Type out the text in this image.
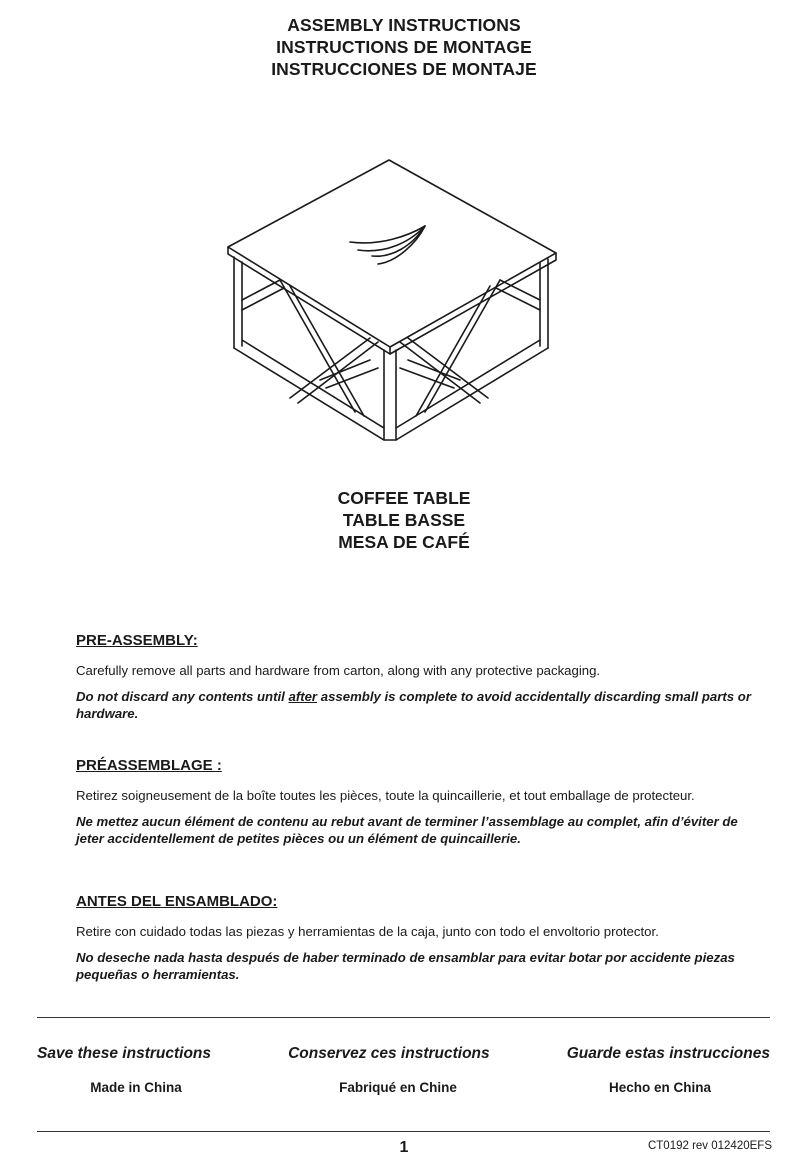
ASSEMBLY INSTRUCTIONS
INSTRUCTIONS DE MONTAGE
INSTRUCCIONES DE MONTAJE
COFFEE TABLE
TABLE BASSE
MESA DE CAFÉ
PRE-ASSEMBLY:

Carefully remove all parts and hardware from carton, along with any protective packaging.

Do not discard any contents until after assembly is complete to avoid accidentally discarding small parts or hardware.

PRÉASSEMBLAGE :

Retirez soigneusement de la boîte toutes les pièces, toute la quincaillerie, et tout emballage de protecteur.

Ne mettez aucun élément de contenu au rebut avant de terminer l’assemblage au complet, afin d’éviter de jeter accidentellement de petites pièces ou un élément de quincaillerie.

ANTES DEL ENSAMBLADO:

Retire con cuidado todas las piezas y herramientas de la caja, junto con todo el envoltorio protector.

No deseche nada hasta después de haber terminado de ensamblar para evitar botar por accidente piezas pequeñas o herramientas.

Save these instructions	Conservez ces instructions	Guarde estas instrucciones
Made in China	Fabriqué en Chine	Hecho en China
1	CT0192 rev 012420EFS
